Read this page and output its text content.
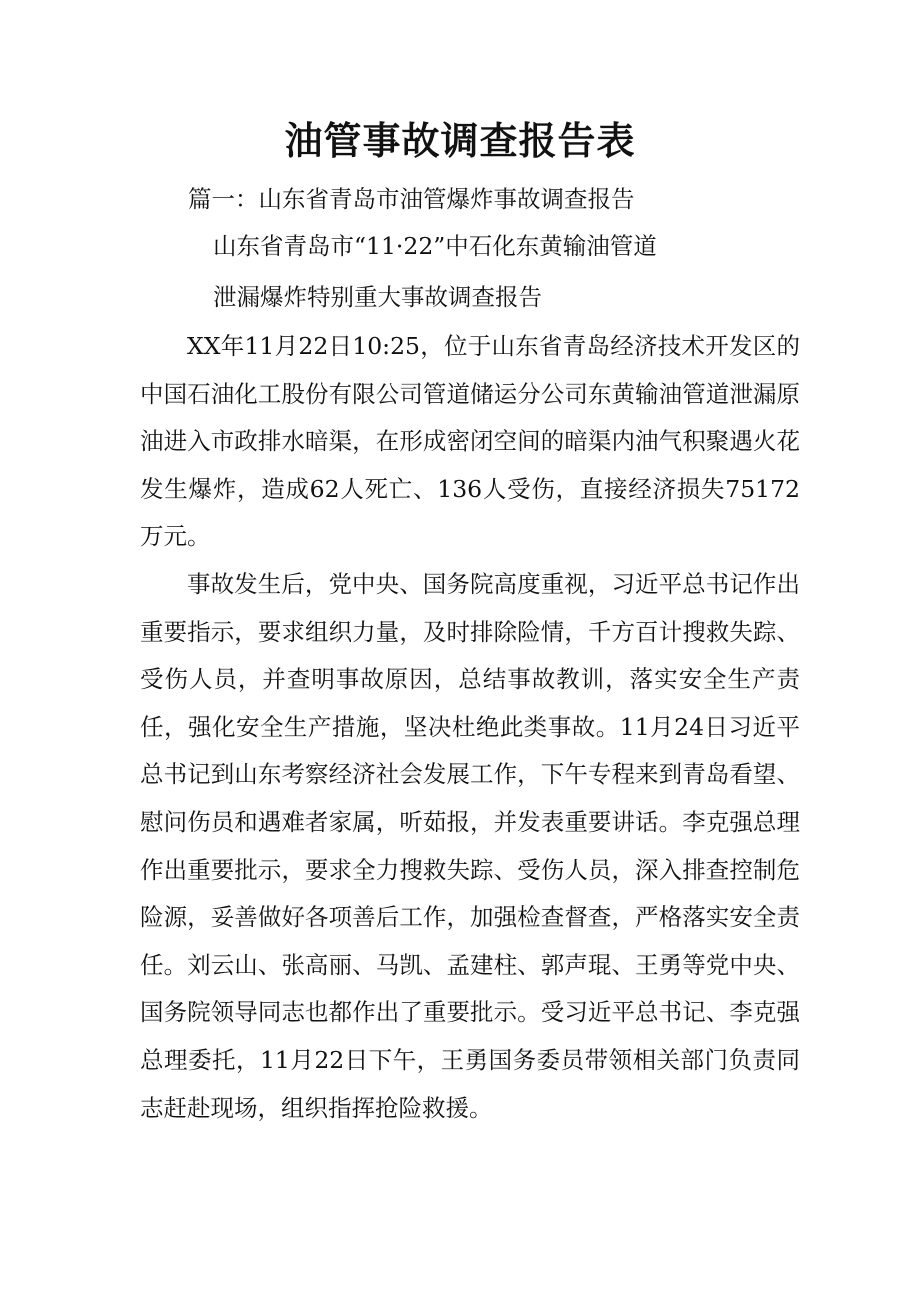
油管事故调查报告表

篇一：山东省青岛市油管爆炸事故调查报告

山东省青岛市“11·22”中石化东黄输油管道

泄漏爆炸特别重大事故调查报告

XX年11月22日10:25，位于山东省青岛经济技术开发区的中国石油化工股份有限公司管道储运分公司东黄输油管道泄漏原油进入市政排水暗渠，在形成密闭空间的暗渠内油气积聚遇火花发生爆炸，造成62人死亡、136人受伤，直接经济损失75172万元。

事故发生后，党中央、国务院高度重视，习近平总书记作出重要指示，要求组织力量，及时排除险情，千方百计搜救失踪、受伤人员，并查明事故原因，总结事故教训，落实安全生产责任，强化安全生产措施，坚决杜绝此类事故。11月24日习近平总书记到山东考察经济社会发展工作，下午专程来到青岛看望、慰问伤员和遇难者家属，听茹报，并发表重要讲话。李克强总理作出重要批示，要求全力搜救失踪、受伤人员，深入排查控制危险源，妥善做好各项善后工作，加强检查督查，严格落实安全责任。刘云山、张高丽、马凯、孟建柱、郭声琨、王勇等党中央、国务院领导同志也都作出了重要批示。受习近平总书记、李克强总理委托，11月22日下午，王勇国务委员带领相关部门负责同志赶赴现场，组织指挥抢险救援。
